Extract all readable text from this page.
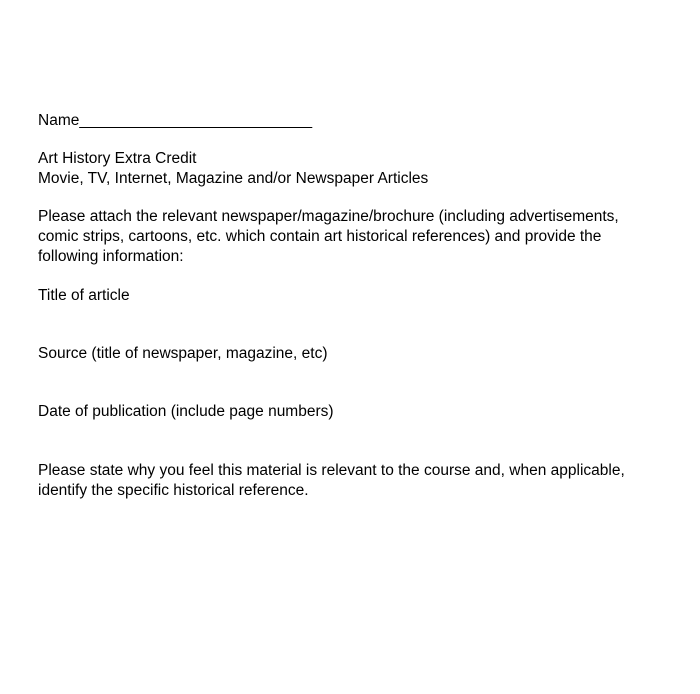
Name___________________________

Art History Extra Credit
Movie, TV, Internet, Magazine and/or Newspaper Articles

Please attach the relevant newspaper/magazine/brochure (including advertisements,
comic strips, cartoons, etc. which contain art historical references) and provide the
following information:

Title of article

Source (title of newspaper, magazine, etc)

Date of publication (include page numbers)

Please state why you feel this material is relevant to the course and, when applicable,
identify the specific historical reference.
